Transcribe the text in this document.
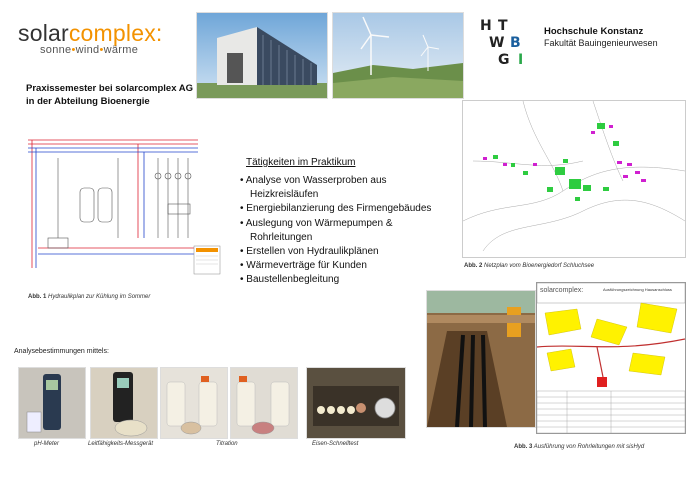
solarcomplex:
sonne•wind•wärme
Praxissemester bei solarcomplex AG
in der Abteilung Bioenergie
H T
W B
G I
Hochschule Konstanz
Fakultät Bauingenieurwesen
Abb. 1 Hydraulikplan zur Kühlung im Sommer
Tätigkeiten im Praktikum
• Analyse von Wasserproben aus Heizkreisläufen
• Energiebilanzierung des Firmengebäudes
• Auslegung von Wärmepumpen & Rohrleitungen
• Erstellen von Hydraulikplänen
• Wärmeverträge für Kunden
• Baustellenbegleitung
Abb. 2 Netzplan vom Bioenergiedorf Schluchsee
solarcomplex:	Ausführungszeichnung Hausanschluss
Abb. 3 Ausführung von Rohrleitungen mit sisHyd
Analysebestimmungen mittels:
pH-Meter	Leitfähigkeits-Messgerät	Titration	Eisen-Schnelltest
